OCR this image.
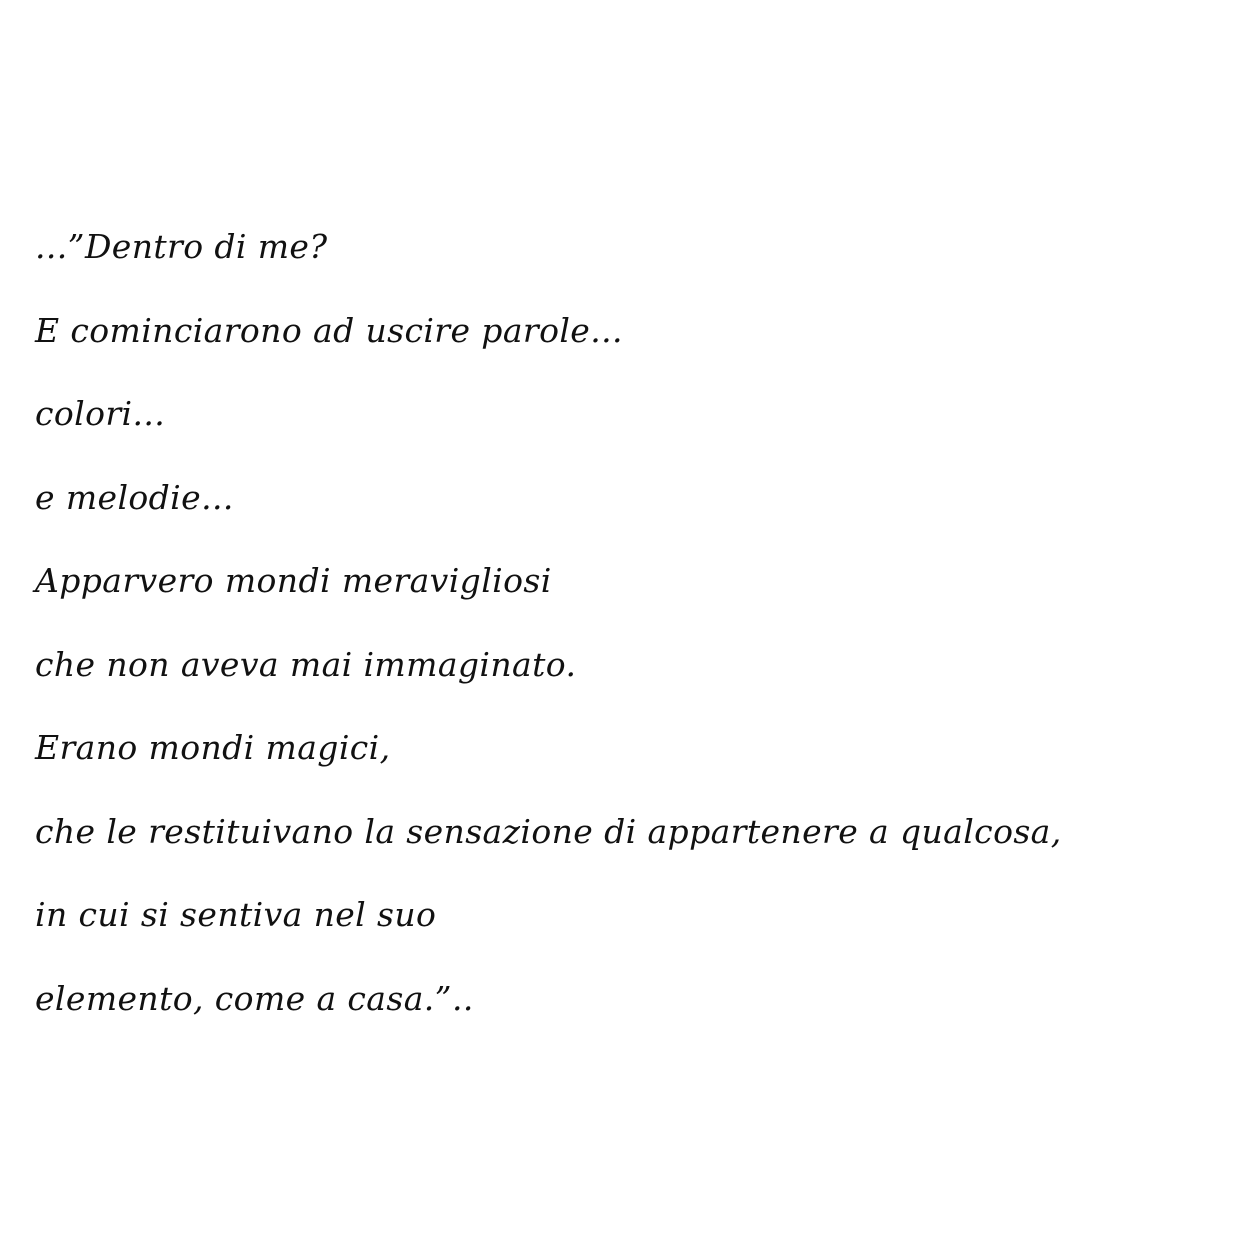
...”Dentro di me?
E cominciarono ad uscire parole...
colori...
e melodie...
Apparvero mondi meravigliosi
che non aveva mai immaginato.
Erano mondi magici,
che le restituivano la sensazione di appartenere a qualcosa,
in cui si sentiva nel suo
elemento, come a casa.”..
